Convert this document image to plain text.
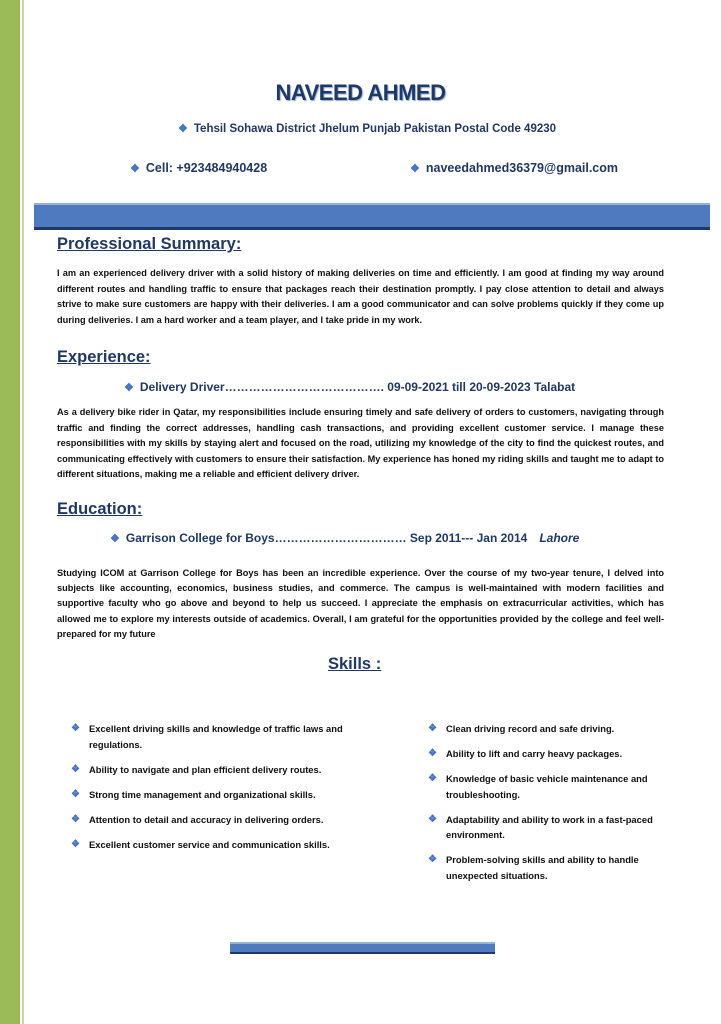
NAVEED AHMED
❖ Tehsil Sohawa District Jhelum Punjab Pakistan Postal Code 49230
❖ Cell: +923484940428	❖ naveedahmed36379@gmail.com
Professional Summary:
I am an experienced delivery driver with a solid history of making deliveries on time and efficiently. I am good at finding my way around different routes and handling traffic to ensure that packages reach their destination promptly. I pay close attention to detail and always strive to make sure customers are happy with their deliveries. I am a good communicator and can solve problems quickly if they come up during deliveries. I am a hard worker and a team player, and I take pride in my work.
Experience:
❖ Delivery Driver…………………………………. 09-09-2021 till 20-09-2023 Talabat
As a delivery bike rider in Qatar, my responsibilities include ensuring timely and safe delivery of orders to customers, navigating through traffic and finding the correct addresses, handling cash transactions, and providing excellent customer service. I manage these responsibilities with my skills by staying alert and focused on the road, utilizing my knowledge of the city to find the quickest routes, and communicating effectively with customers to ensure their satisfaction. My experience has honed my riding skills and taught me to adapt to different situations, making me a reliable and efficient delivery driver.
Education:
❖ Garrison College for Boys…………………………… Sep 2011--- Jan 2014 Lahore
Studying ICOM at Garrison College for Boys has been an incredible experience. Over the course of my two-year tenure, I delved into subjects like accounting, economics, business studies, and commerce. The campus is well-maintained with modern facilities and supportive faculty who go above and beyond to help us succeed. I appreciate the emphasis on extracurricular activities, which has allowed me to explore my interests outside of academics. Overall, I am grateful for the opportunities provided by the college and feel well-prepared for my future
Skills :
❖ Excellent driving skills and knowledge of traffic laws and regulations.
❖ Ability to navigate and plan efficient delivery routes.
❖ Strong time management and organizational skills.
❖ Attention to detail and accuracy in delivering orders.
❖ Excellent customer service and communication skills.
❖ Clean driving record and safe driving.
❖ Ability to lift and carry heavy packages.
❖ Knowledge of basic vehicle maintenance and troubleshooting.
❖ Adaptability and ability to work in a fast-paced environment.
❖ Problem-solving skills and ability to handle unexpected situations.
